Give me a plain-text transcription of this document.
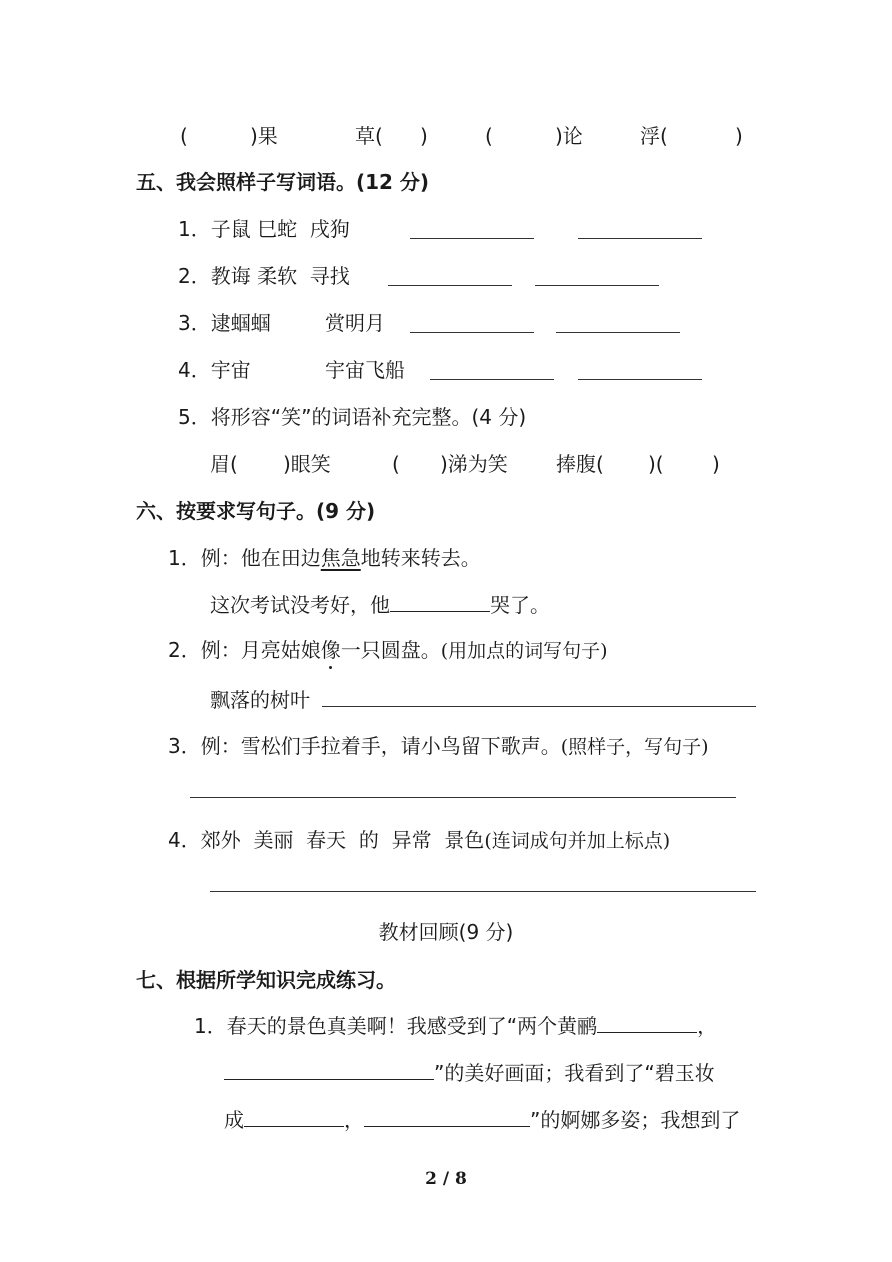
(	)果	草( )	(	)论	浮(	)
五、我会照样子写词语。(12 分)
1．子鼠 巳蛇  戌狗
2．教诲 柔软  寻找
3．逮蝈蝈	赏明月
4．宇宙	宇宙飞船
5．将形容“笑”的词语补充完整。(4 分)
眉( )眼笑	( )涕为笑 捧腹( )( )
六、按要求写句子。(9 分)
1．例：他在田边焦急地转来转去。
这次考试没考好，他	哭了。
2．例：月亮姑娘像一只圆盘。(用加点的词写句子)
飘落的树叶
3．例：雪松们手拉着手，请小鸟留下歌声。(照样子，写句子)
4．郊外  美丽  春天  的  异常  景色(连词成句并加上标点)
教材回顾(9 分)
七、根据所学知识完成练习。
1．春天的景色真美啊！我感受到了“两个黄鹂	，
”的美好画面；我看到了“碧玉妆
成	，	”的婀娜多姿；我想到了
2 / 8
